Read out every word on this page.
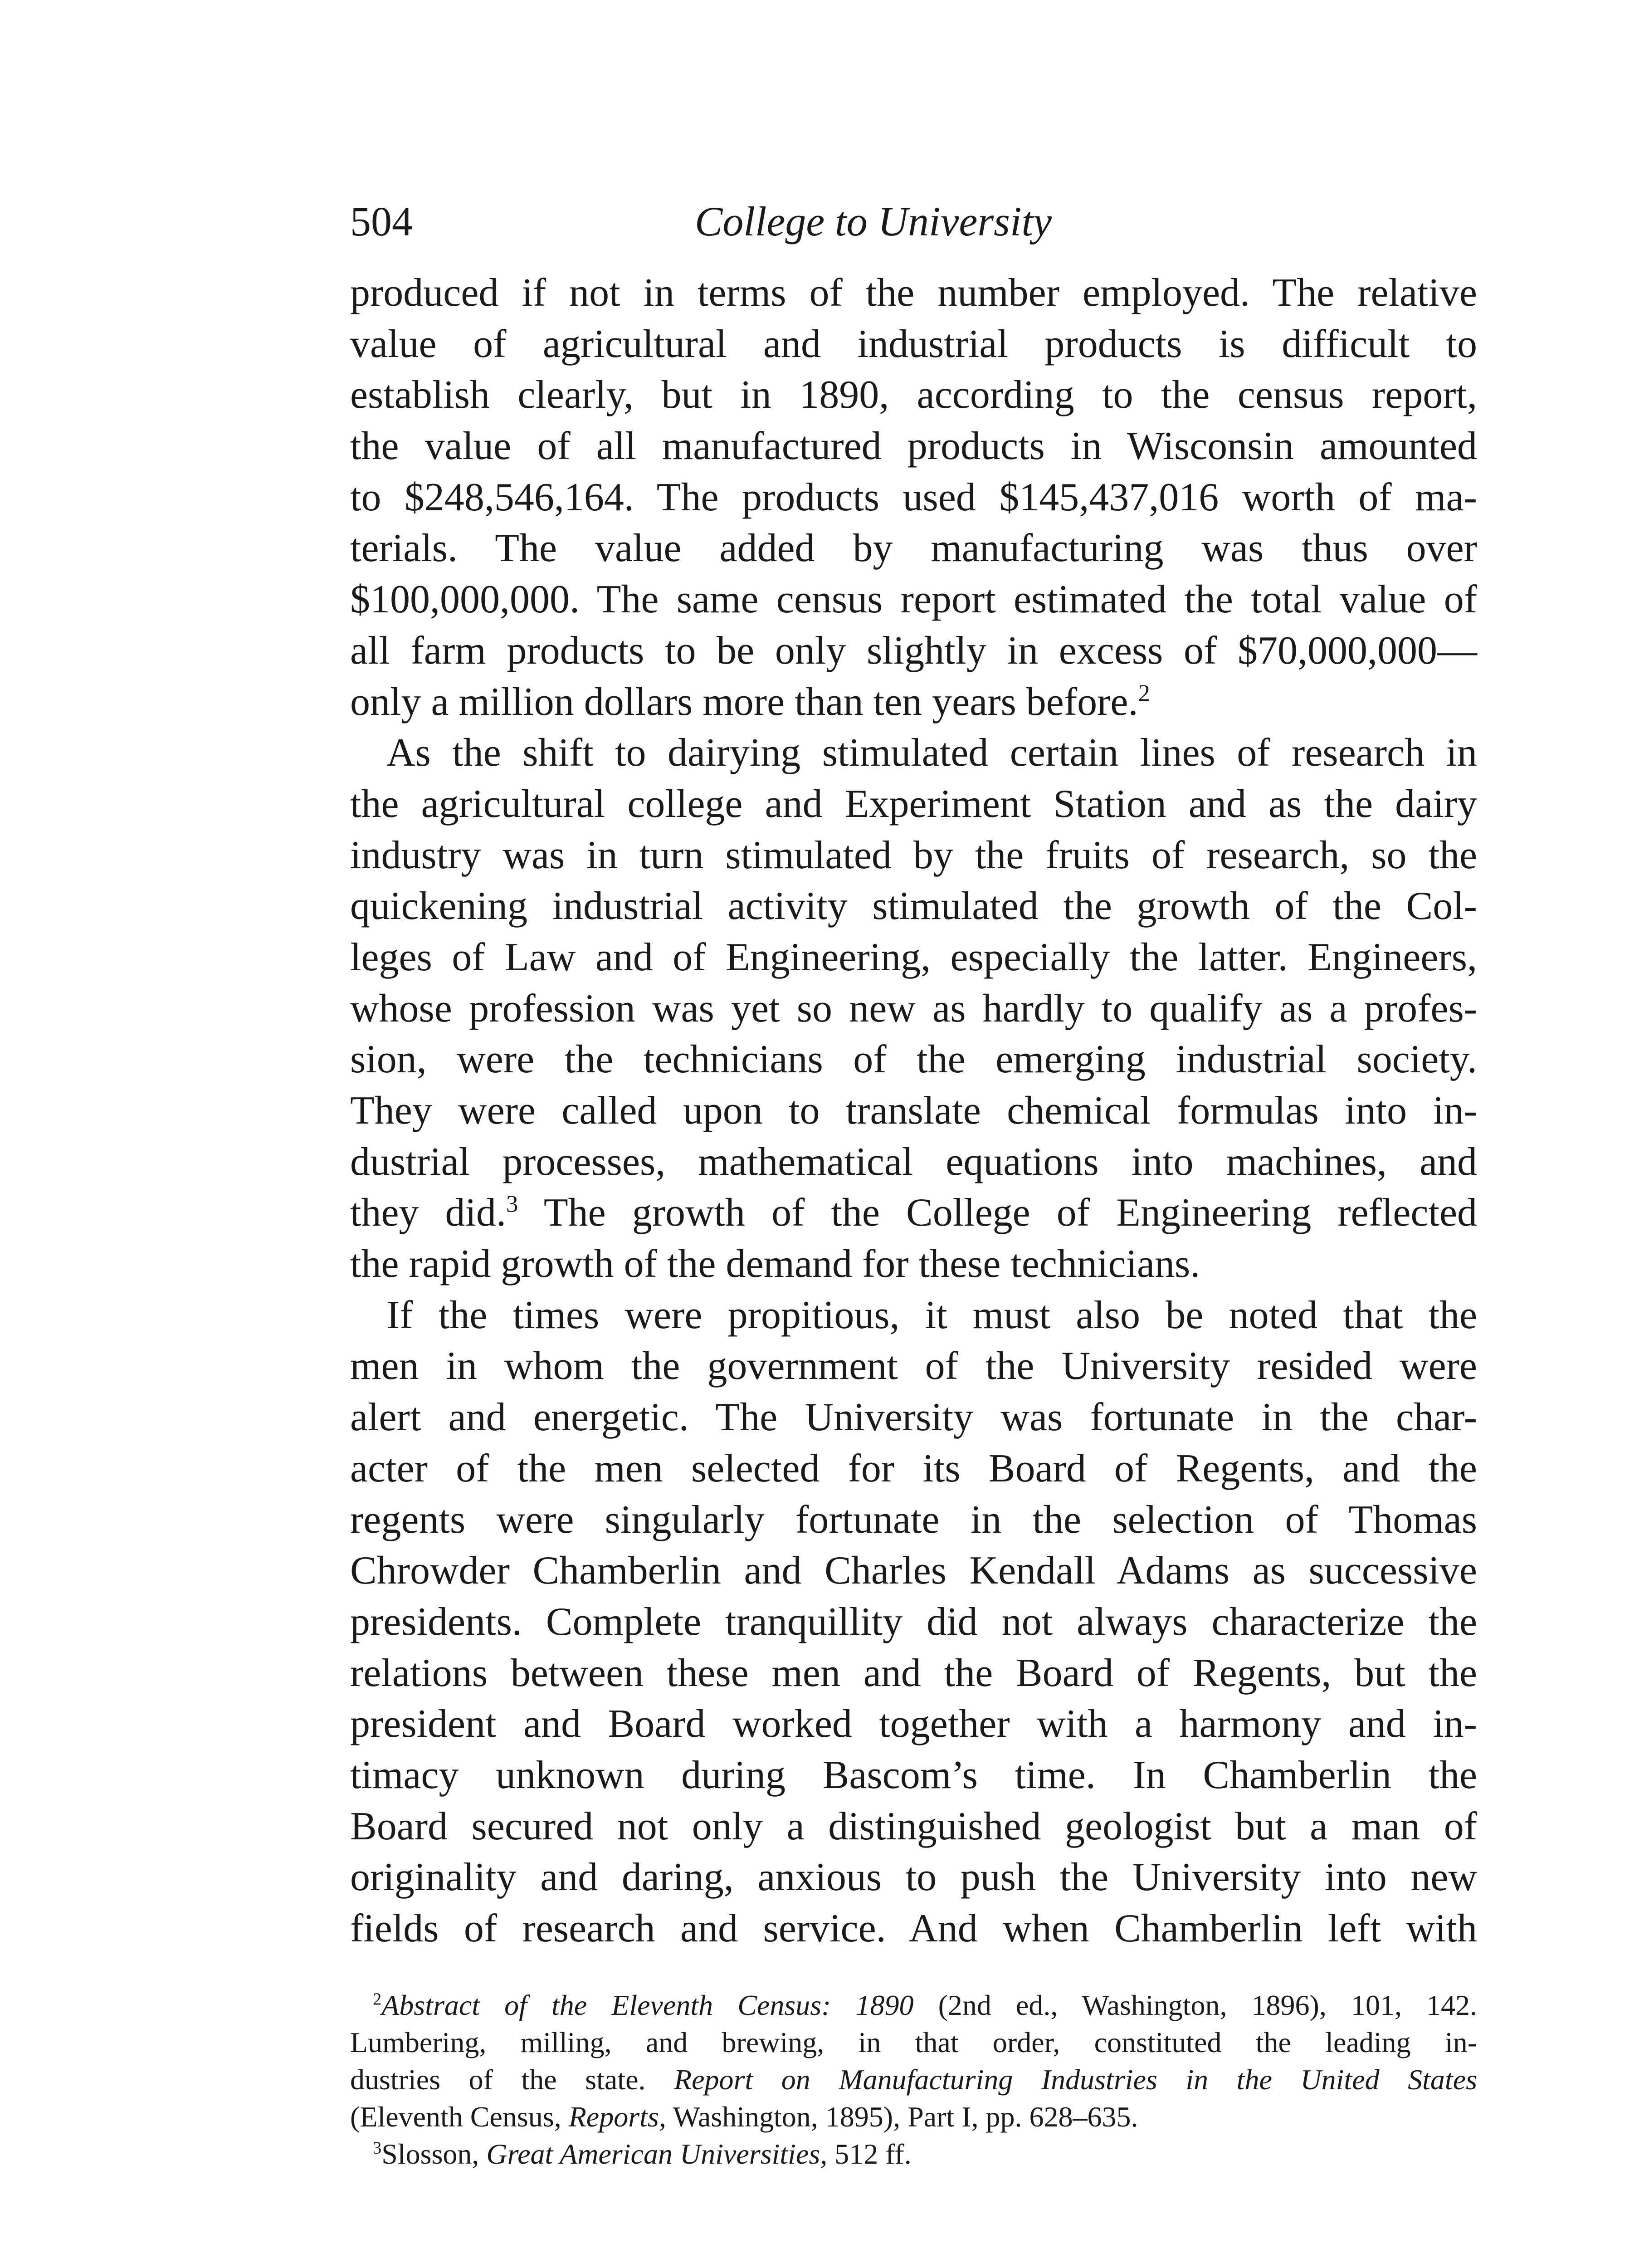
504	College to University
produced if not in terms of the number employed. The relative
value of agricultural and industrial products is difficult to
establish clearly, but in 1890, according to the census report,
the value of all manufactured products in Wisconsin amounted
to $248,546,164. The products used $145,437,016 worth of ma-
terials. The value added by manufacturing was thus over
$100,000,000. The same census report estimated the total value of
all farm products to be only slightly in excess of $70,000,000—
only a million dollars more than ten years before.$^2$
As the shift to dairying stimulated certain lines of research in
the agricultural college and Experiment Station and as the dairy
industry was in turn stimulated by the fruits of research, so the
quickening industrial activity stimulated the growth of the Col-
leges of Law and of Engineering, especially the latter. Engineers,
whose profession was yet so new as hardly to qualify as a profes-
sion, were the technicians of the emerging industrial society.
They were called upon to translate chemical formulas into in-
dustrial processes, mathematical equations into machines, and
they did.$^3$ The growth of the College of Engineering reflected
the rapid growth of the demand for these technicians.
If the times were propitious, it must also be noted that the
men in whom the government of the University resided were
alert and energetic. The University was fortunate in the char-
acter of the men selected for its Board of Regents, and the
regents were singularly fortunate in the selection of Thomas
Chrowder Chamberlin and Charles Kendall Adams as successive
presidents. Complete tranquillity did not always characterize the
relations between these men and the Board of Regents, but the
president and Board worked together with a harmony and in-
timacy unknown during Bascom’s time. In Chamberlin the
Board secured not only a distinguished geologist but a man of
originality and daring, anxious to push the University into new
fields of research and service. And when Chamberlin left with
$^2$Abstract of the Eleventh Census: 1890 (2nd ed., Washington, 1896), 101, 142.
Lumbering, milling, and brewing, in that order, constituted the leading in-
dustries of the state. Report on Manufacturing Industries in the United States
(Eleventh Census, Reports, Washington, 1895), Part I, pp. 628–635.
$^3$Slosson, Great American Universities, 512 ff.
